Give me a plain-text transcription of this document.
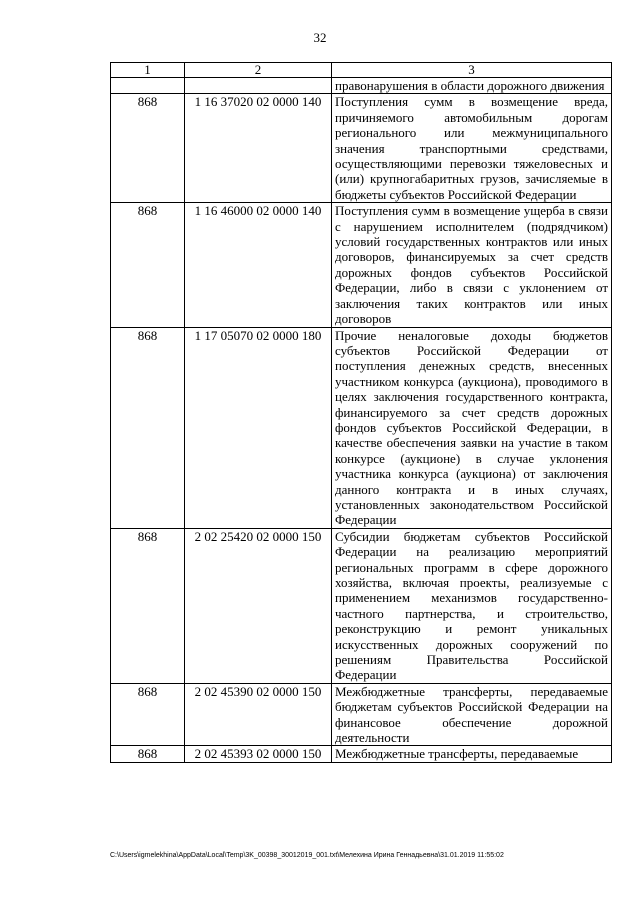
32
1	2	3
		правонарушения в области дорожного движения
868	1 16 37020 02 0000 140	Поступления сумм в возмещение вреда, причиняемого автомобильным дорогам регионального или межмуниципального значения транспортными средствами, осуществляющими перевозки тяжеловесных и (или) крупногабаритных грузов, зачисляемые в бюджеты субъектов Российской Федерации
868	1 16 46000 02 0000 140	Поступления сумм в возмещение ущерба в связи с нарушением исполнителем (подрядчиком) условий государственных контрактов или иных договоров, финансируемых за счет средств дорожных фондов субъектов Российской Федерации, либо в связи с уклонением от заключения таких контрактов или иных договоров
868	1 17 05070 02 0000 180	Прочие неналоговые доходы бюджетов субъектов Российской Федерации от поступления денежных средств, внесенных участником конкурса (аукциона), проводимого в целях заключения государственного контракта, финансируемого за счет средств дорожных фондов субъектов Российской Федерации, в качестве обеспечения заявки на участие в таком конкурсе (аукционе) в случае уклонения участника конкурса (аукциона) от заключения данного контракта и в иных случаях, установленных законодательством Российской Федерации
868	2 02 25420 02 0000 150	Субсидии бюджетам субъектов Российской Федерации на реализацию мероприятий региональных программ в сфере дорожного хозяйства, включая проекты, реализуемые с применением механизмов государственно-частного партнерства, и строительство, реконструкцию и ремонт уникальных искусственных дорожных сооружений по решениям Правительства Российской Федерации
868	2 02 45390 02 0000 150	Межбюджетные трансферты, передаваемые бюджетам субъектов Российской Федерации на финансовое обеспечение дорожной деятельности
868	2 02 45393 02 0000 150	Межбюджетные трансферты, передаваемые
C:\Users\igmelekhina\AppData\Local\Temp\3K_00398_30012019_001.txt\Мелехина Ирина Геннадьевна\31.01.2019 11:55:02
